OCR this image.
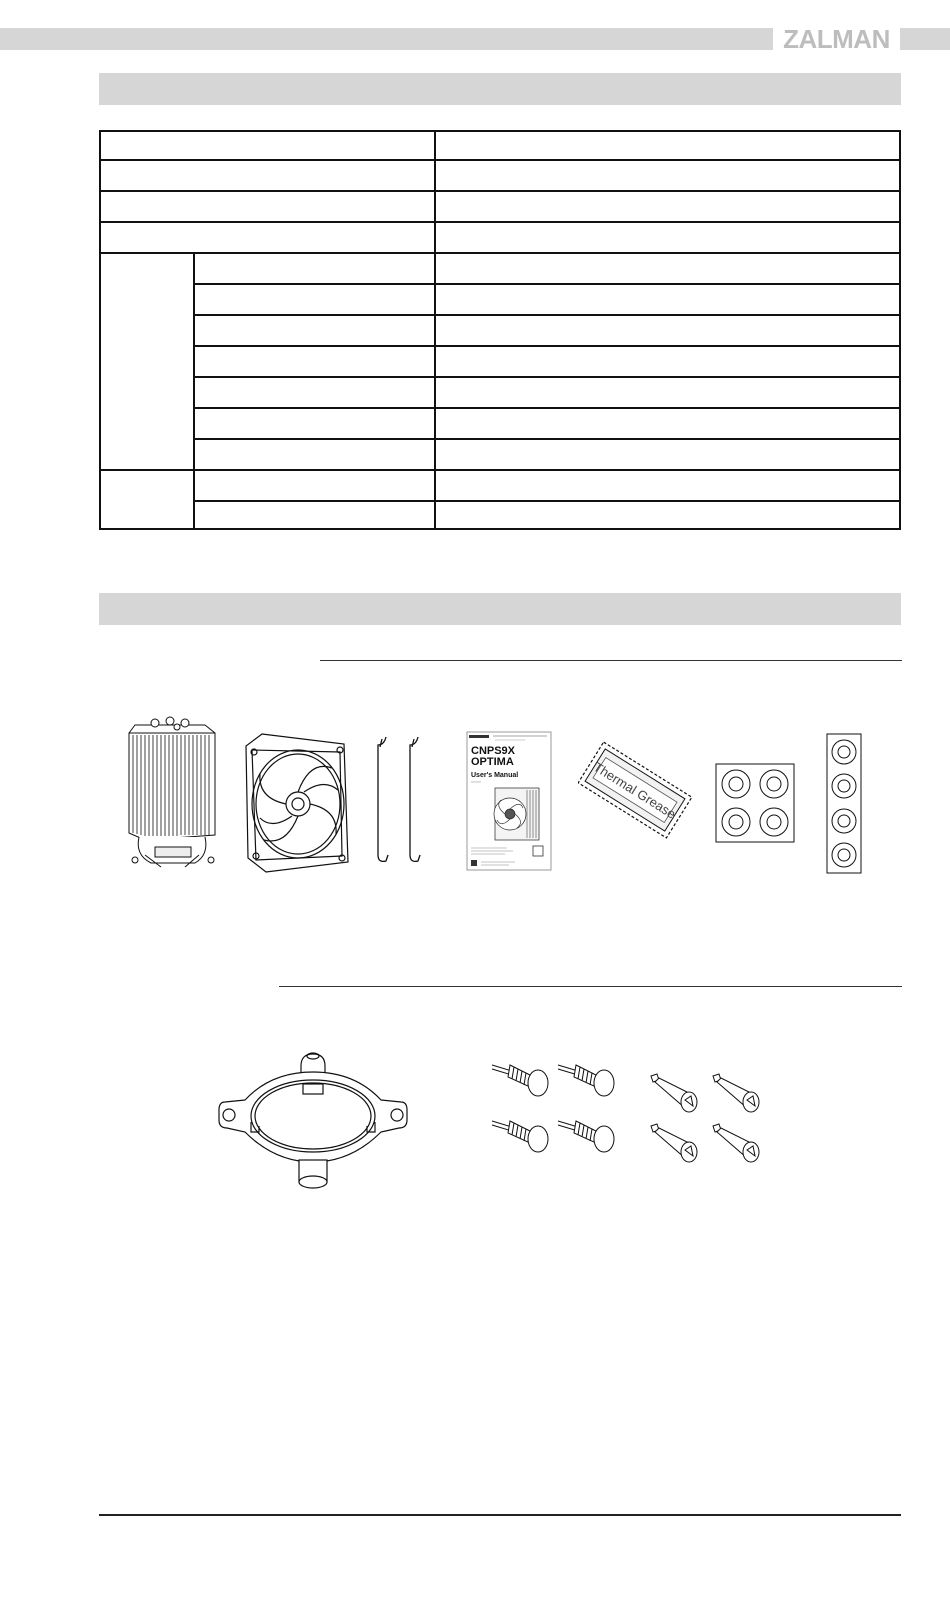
ZALMAN
CNPS9X
OPTIMA
User's Manual	Thermal Grease
